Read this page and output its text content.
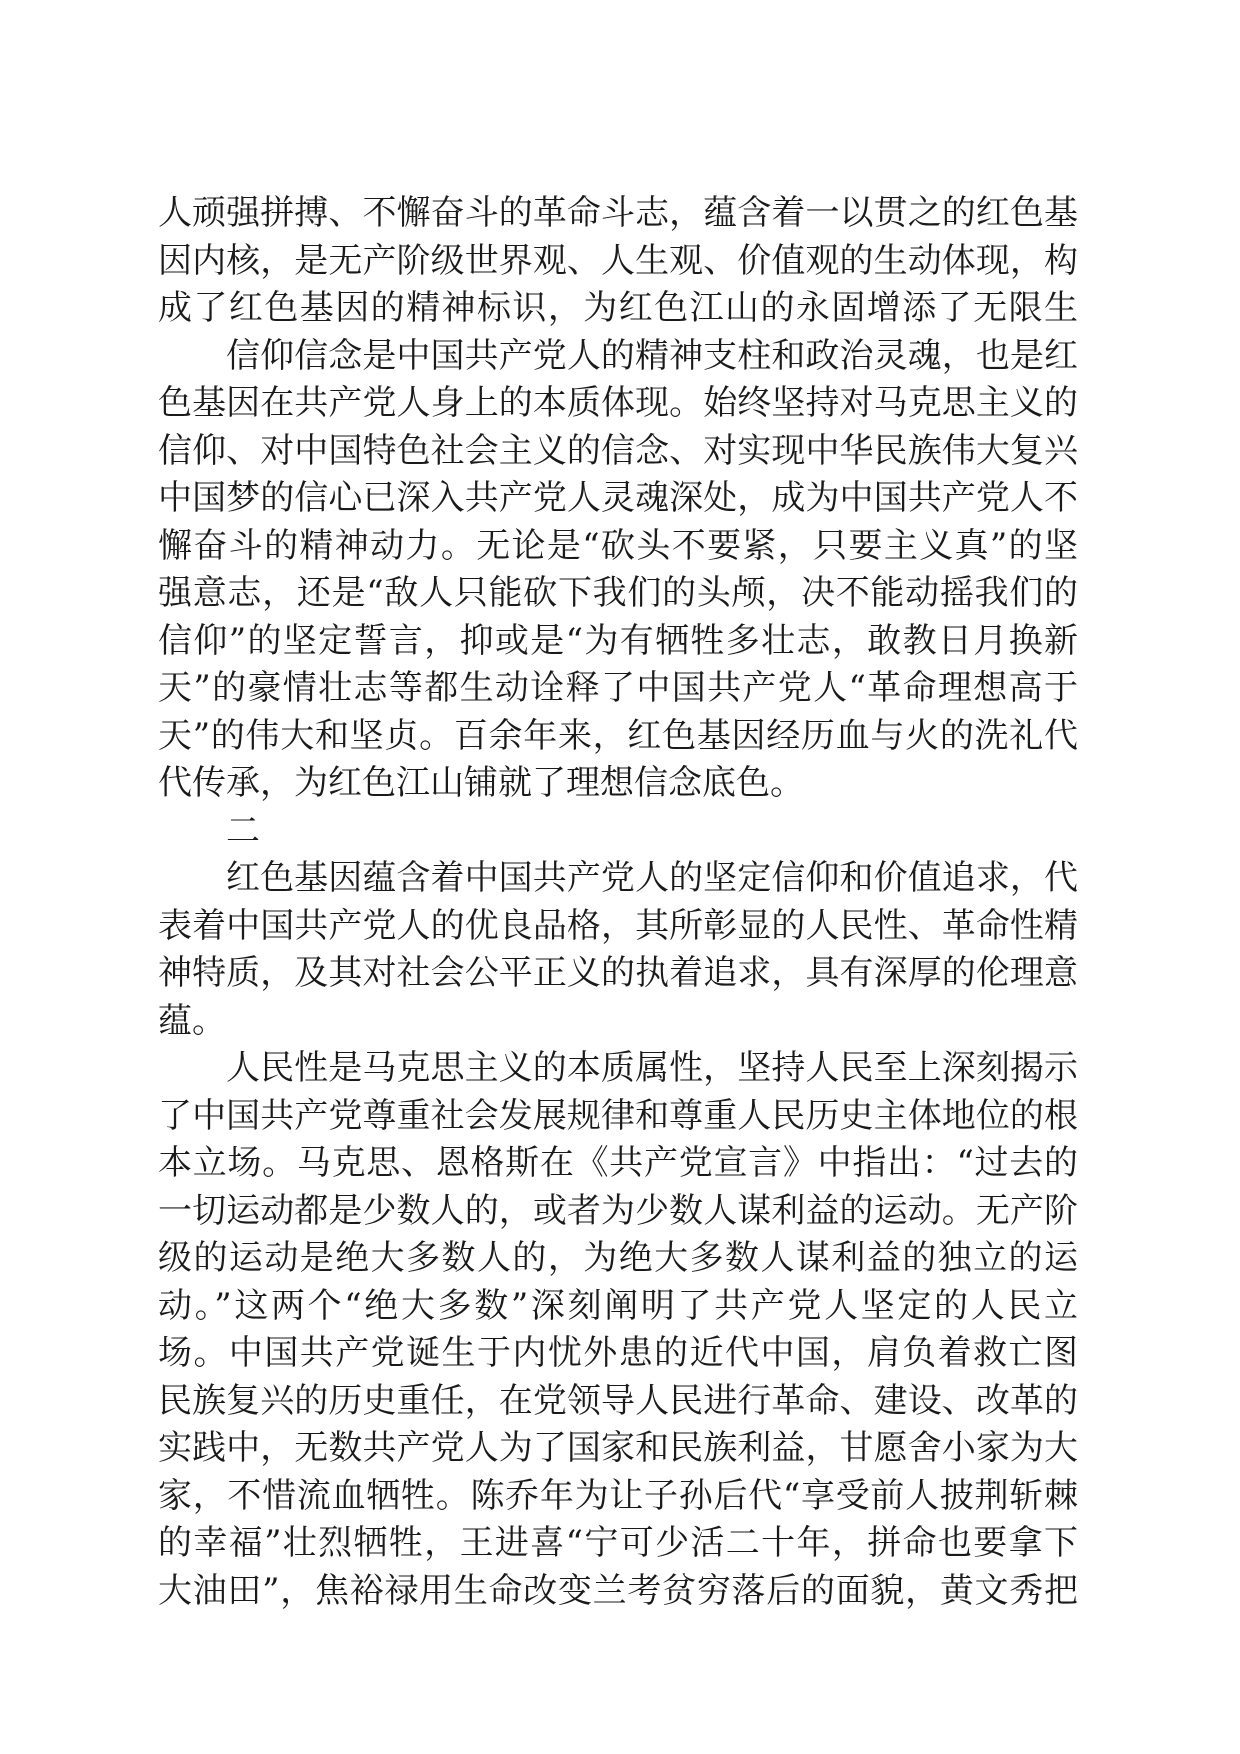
人顽强拼搏、不懈奋斗的革命斗志，蕴含着一以贯之的红色基
因内核，是无产阶级世界观、人生观、价值观的生动体现，构
成了红色基因的精神标识，为红色江山的永固增添了无限生
信仰信念是中国共产党人的精神支柱和政治灵魂，也是红
色基因在共产党人身上的本质体现。始终坚持对马克思主义的
信仰、对中国特色社会主义的信念、对实现中华民族伟大复兴
中国梦的信心已深入共产党人灵魂深处，成为中国共产党人不
懈奋斗的精神动力。无论是“砍头不要紧，只要主义真”的坚
强意志，还是“敌人只能砍下我们的头颅，决不能动摇我们的
信仰”的坚定誓言，抑或是“为有牺牲多壮志，敢教日月换新
天”的豪情壮志等都生动诠释了中国共产党人“革命理想高于
天”的伟大和坚贞。百余年来，红色基因经历血与火的洗礼代
代传承，为红色江山铺就了理想信念底色。
二
红色基因蕴含着中国共产党人的坚定信仰和价值追求，代
表着中国共产党人的优良品格，其所彰显的人民性、革命性精
神特质，及其对社会公平正义的执着追求，具有深厚的伦理意
蕴。
人民性是马克思主义的本质属性，坚持人民至上深刻揭示
了中国共产党尊重社会发展规律和尊重人民历史主体地位的根
本立场。马克思、恩格斯在《共产党宣言》中指出：“过去的
一切运动都是少数人的，或者为少数人谋利益的运动。无产阶
级的运动是绝大多数人的，为绝大多数人谋利益的独立的运
动。”这两个“绝大多数”深刻阐明了共产党人坚定的人民立
场。中国共产党诞生于内忧外患的近代中国，肩负着救亡图
民族复兴的历史重任，在党领导人民进行革命、建设、改革的
实践中，无数共产党人为了国家和民族利益，甘愿舍小家为大
家，不惜流血牺牲。陈乔年为让子孙后代“享受前人披荆斩棘
的幸福”壮烈牺牲，王进喜“宁可少活二十年，拼命也要拿下
大油田”，焦裕禄用生命改变兰考贫穷落后的面貌，黄文秀把
